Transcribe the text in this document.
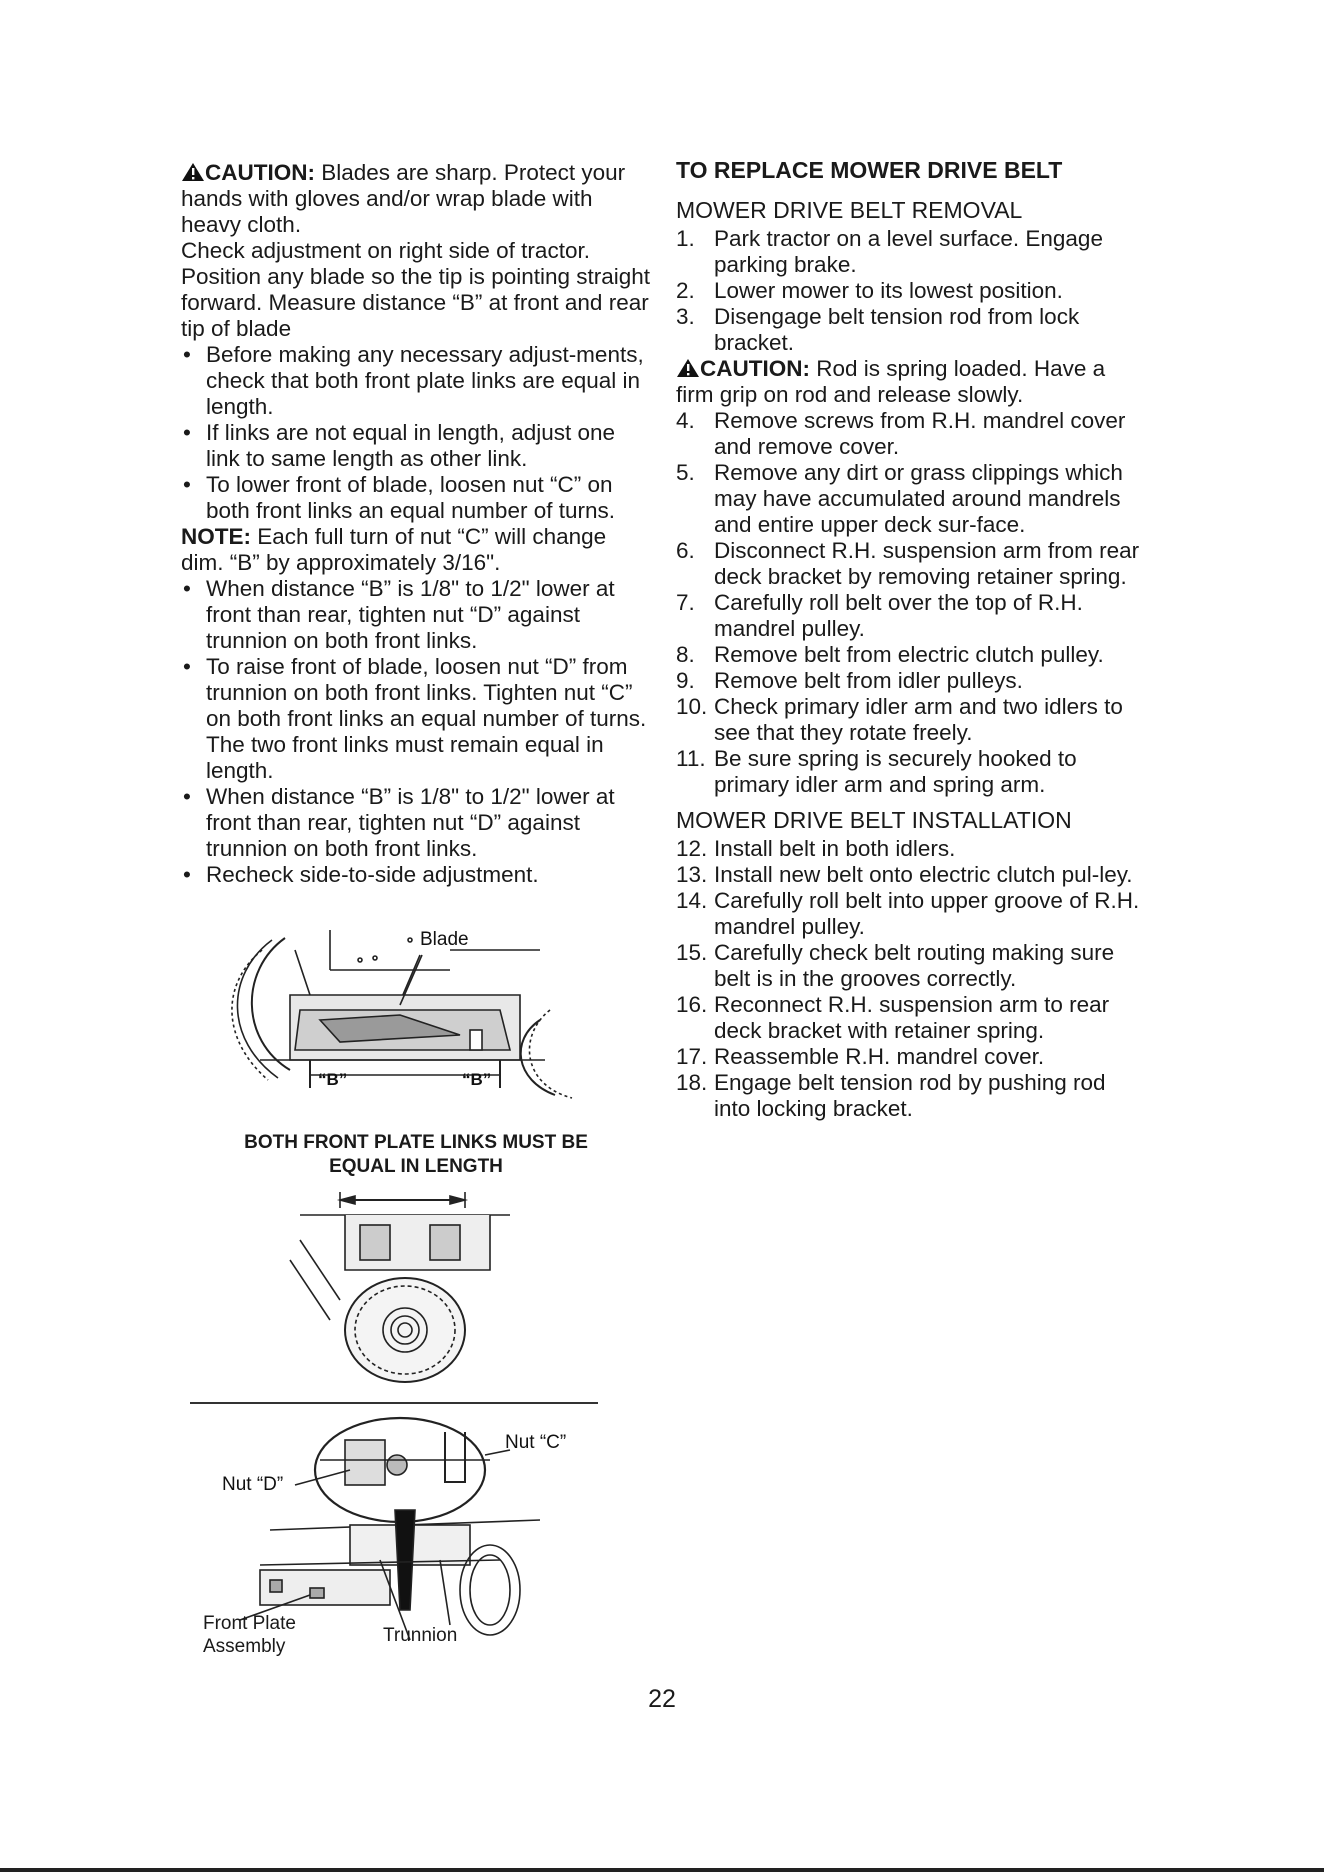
CAUTION: Blades are sharp. Protect your hands with gloves and/or wrap blade with heavy cloth.

Check adjustment on right side of tractor. Position any blade so the tip is pointing straight forward. Measure distance “B” at front and rear tip of blade

• Before making any necessary adjust-ments, check that both front plate links are equal in length.
• If links are not equal in length, adjust one link to same length as other link.
• To lower front of blade, loosen nut “C” on both front links an equal number of turns.

NOTE: Each full turn of nut “C” will change dim. “B” by approximately 3/16".

• When distance “B” is 1/8" to 1/2" lower at front than rear, tighten nut “D” against trunnion on both front links.
• To raise front of blade, loosen nut “D” from trunnion on both front links. Tighten nut “C” on both front links an equal number of turns. The two front links must remain equal in length.
• When distance “B” is 1/8" to 1/2" lower at front than rear, tighten nut “D” against trunnion on both front links.
• Recheck side-to-side adjustment.
Blade
“B”	“B”
BOTH FRONT PLATE LINKS MUST BE
EQUAL IN LENGTH
Nut “C”
Nut “D”
Front Plate
Assembly
Trunnion
TO REPLACE MOWER DRIVE BELT
MOWER DRIVE BELT REMOVAL
1. Park tractor on a level surface. Engage parking brake.
2. Lower mower to its lowest position.
3. Disengage belt tension rod from lock bracket.

CAUTION: Rod is spring loaded. Have a firm grip on rod and release slowly.

4. Remove screws from R.H. mandrel cover and remove cover.
5. Remove any dirt or grass clippings which may have accumulated around mandrels and entire upper deck sur-face.
6. Disconnect R.H. suspension arm from rear deck bracket by removing retainer spring.
7. Carefully roll belt over the top of R.H. mandrel pulley.
8. Remove belt from electric clutch pulley.
9. Remove belt from idler pulleys.
10. Check primary idler arm and two idlers to see that they rotate freely.
11. Be sure spring is securely hooked to primary idler arm and spring arm.
MOWER DRIVE BELT INSTALLATION
12. Install belt in both idlers.
13. Install new belt onto electric clutch pul-ley.
14. Carefully roll belt into upper groove of R.H. mandrel pulley.
15. Carefully check belt routing making sure belt is in the grooves correctly.
16. Reconnect R.H. suspension arm to rear deck bracket with retainer spring.
17. Reassemble R.H. mandrel cover.
18. Engage belt tension rod by pushing rod into locking bracket.
22
